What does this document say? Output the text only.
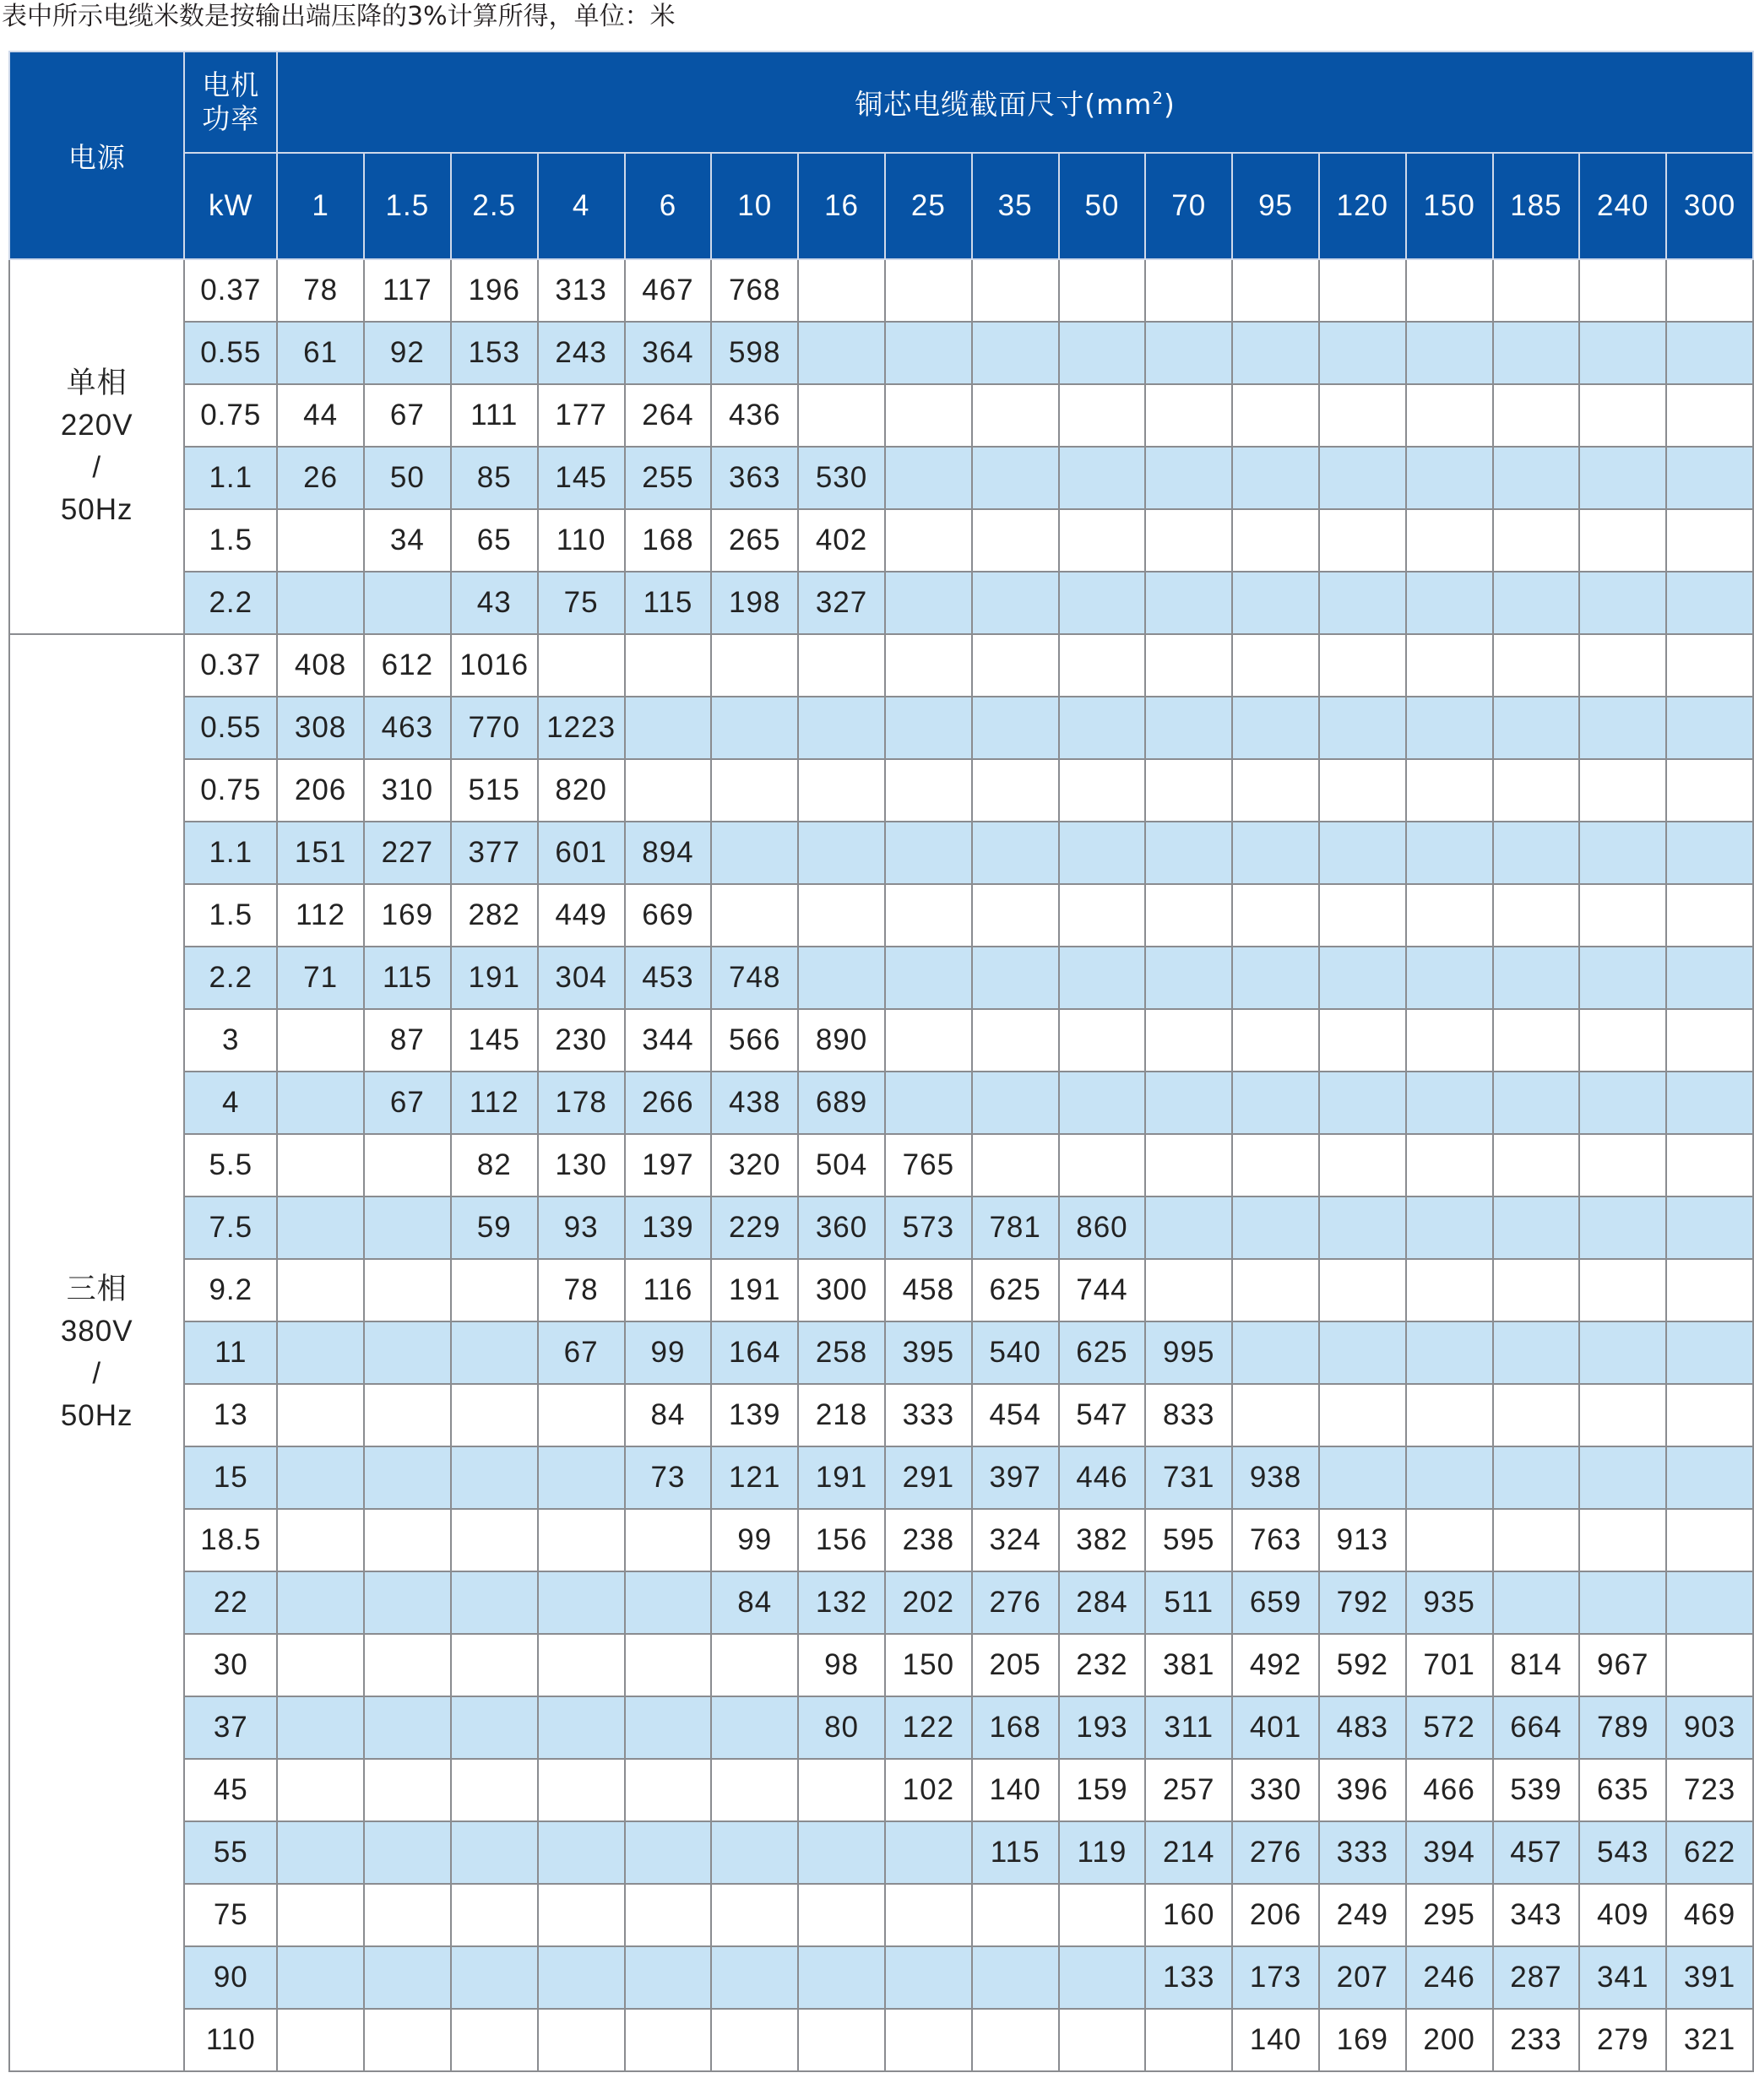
表中所示电缆米数是按输出端压降的3%计算所得，单位：米
电源	电机
功率	铜芯电缆截面尺寸$(mm^2)$																
	kW	1	1.5	2.5	4	6	10	16	25	35	50	70	95	120	150	185	240	300

单相
220V
/
50Hz	0.37	78	117	196	313	467	768											
	0.55	61	92	153	243	364	598											
	0.75	44	67	111	177	264	436											
	1.1	26	50	85	145	255	363	530										
	1.5		34	65	110	168	265	402										
	2.2			43	75	115	198	327										

三相
380V
/
50Hz	0.37	408	612	1016														
	0.55	308	463	770	1223													
	0.75	206	310	515	820													
	1.1	151	227	377	601	894												
	1.5	112	169	282	449	669												
	2.2	71	115	191	304	453	748											
	3		87	145	230	344	566	890										
	4		67	112	178	266	438	689										
	5.5			82	130	197	320	504	765									
	7.5			59	93	139	229	360	573	781	860							
	9.2				78	116	191	300	458	625	744							
	11				67	99	164	258	395	540	625	995						
	13					84	139	218	333	454	547	833						
	15					73	121	191	291	397	446	731	938					
	18.5						99	156	238	324	382	595	763	913				
	22						84	132	202	276	284	511	659	792	935			
	30							98	150	205	232	381	492	592	701	814	967	
	37							80	122	168	193	311	401	483	572	664	789	903
	45								102	140	159	257	330	396	466	539	635	723
	55									115	119	214	276	333	394	457	543	622
	75											160	206	249	295	343	409	469
	90											133	173	207	246	287	341	391
	110												140	169	200	233	279	321
